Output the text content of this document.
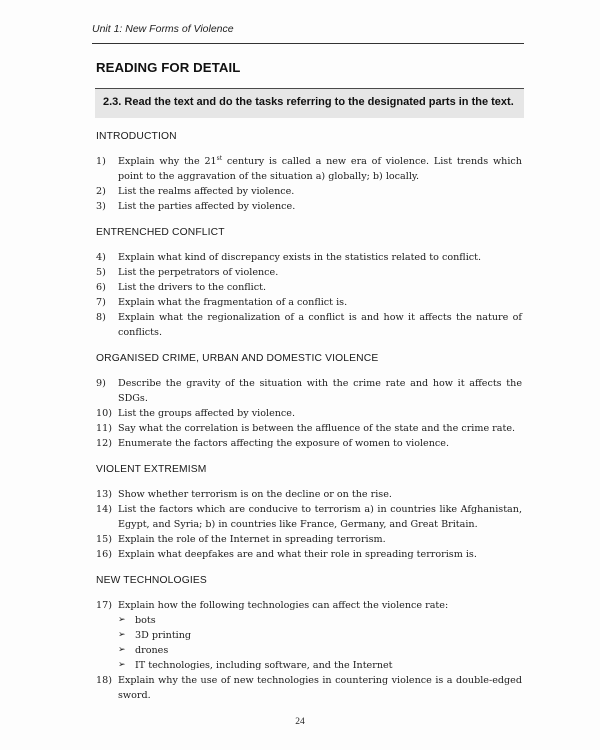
Unit 1: New Forms of Violence
READING FOR DETAIL
2.3. Read the text and do the tasks referring to the designated parts in the text.
INTRODUCTION
1) Explain why the 21st century is called a new era of violence. List trends which point to the aggravation of the situation a) globally; b) locally.
2) List the realms affected by violence.
3) List the parties affected by violence.
ENTRENCHED CONFLICT
4) Explain what kind of discrepancy exists in the statistics related to conflict.
5) List the perpetrators of violence.
6) List the drivers to the conflict.
7) Explain what the fragmentation of a conflict is.
8) Explain what the regionalization of a conflict is and how it affects the nature of conflicts.
ORGANISED CRIME, URBAN AND DOMESTIC VIOLENCE
9) Describe the gravity of the situation with the crime rate and how it affects the SDGs.
10) List the groups affected by violence.
11) Say what the correlation is between the affluence of the state and the crime rate.
12) Enumerate the factors affecting the exposure of women to violence.
VIOLENT EXTREMISM
13) Show whether terrorism is on the decline or on the rise.
14) List the factors which are conducive to terrorism a) in countries like Afghanistan, Egypt, and Syria; b) in countries like France, Germany, and Great Britain.
15) Explain the role of the Internet in spreading terrorism.
16) Explain what deepfakes are and what their role in spreading terrorism is.
NEW TECHNOLOGIES
17) Explain how the following technologies can affect the violence rate:
➢ bots
➢ 3D printing
➢ drones
➢ IT technologies, including software, and the Internet
18) Explain why the use of new technologies in countering violence is a double-edged sword.
24
